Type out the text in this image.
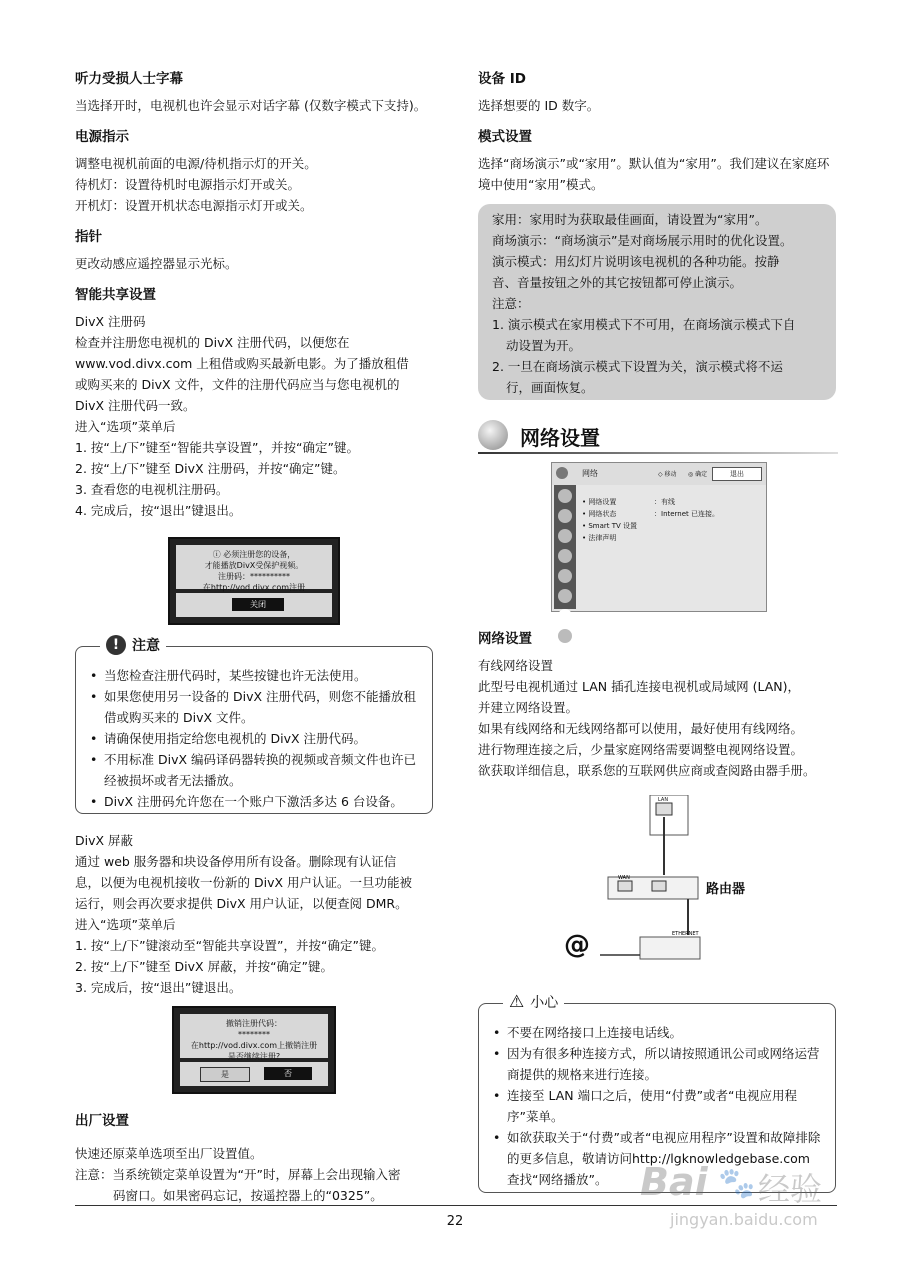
听力受损人士字幕

当选择开时，电视机也许会显示对话字幕 (仅数字模式下支持)。

电源指示

调整电视机前面的电源/待机指示灯的开关。

待机灯：设置待机时电源指示灯开或关。

开机灯：设置开机状态电源指示灯开或关。

指针

更改动感应遥控器显示光标。

智能共享设置

DivX 注册码

检查并注册您电视机的 DivX 注册代码，以便您在

www.vod.divx.com 上租借或购买最新电影。为了播放租借

或购买来的 DivX 文件，文件的注册代码应当与您电视机的

DivX 注册代码一致。

进入“选项”菜单后

1. 按“上/下”键至“智能共享设置”，并按“确定”键。

2. 按“上/下”键至 DivX 注册码，并按“确定”键。

3. 查看您的电视机注册码。

4. 完成后，按“退出”键退出。

ⓘ 必须注册您的设备，
才能播放DivX受保护视频。
注册码：**********
在http://vod.divx.com注册
关闭
! 注意
• 当您检查注册代码时，某些按键也许无法使用。
• 如果您使用另一设备的 DivX 注册代码，则您不能播放租借或购买来的 DivX 文件。
• 请确保使用指定给您电视机的 DivX 注册代码。
• 不用标准 DivX 编码译码器转换的视频或音频文件也许已经被损坏或者无法播放。
• DivX 注册码允许您在一个账户下激活多达 6 台设备。

DivX 屏蔽

通过 web 服务器和块设备停用所有设备。删除现有认证信

息，以便为电视机接收一份新的 DivX 用户认证。一旦功能被

运行，则会再次要求提供 DivX 用户认证，以便查阅 DMR。

进入“选项”菜单后

1. 按“上/下”键滚动至“智能共享设置”，并按“确定”键。

2. 按“上/下”键至 DivX 屏蔽，并按“确定”键。

3. 完成后，按“退出”键退出。

撤销注册代码：
********
在http://vod.divx.com上撤销注册
是否继续注册?
是	否
出厂设置

快速还原菜单选项至出厂设置值。

注意：当系统锁定菜单设置为“开”时，屏幕上会出现输入密

码窗口。如果密码忘记，按遥控器上的“0325”。

设备 ID

选择想要的 ID 数字。

模式设置

选择“商场演示”或“家用”。默认值为“家用”。我们建议在家庭环

境中使用“家用”模式。

家用：家用时为获取最佳画面，请设置为“家用”。

商场演示：“商场演示”是对商场展示用时的优化设置。

演示模式：用幻灯片说明该电视机的各种功能。按静

音、音量按钮之外的其它按钮都可停止演示。

注意：

1. 演示模式在家用模式下不可用，在商场演示模式下自

动设置为开。

2. 一旦在商场演示模式下设置为关，演示模式将不运

行，画面恢复。

网络设置
网络	◇ 移动 ◎ 确定	退出
• 网络设置	：有线
• 网络状态	：Internet 已连接。
• Smart TV 设置
• 法律声明
网络设置

有线网络设置

此型号电视机通过 LAN 插孔连接电视机或局域网 (LAN)，

并建立网络设置。

如果有线网络和无线网络都可以使用，最好使用有线网络。

进行物理连接之后，少量家庭网络需要调整电视网络设置。

欲获取详细信息，联系您的互联网供应商或查阅路由器手册。

LAN
WAN
路由器
ETHERNET
@
⚠ 小心
• 不要在网络接口上连接电话线。
• 因为有很多种连接方式，所以请按照通讯公司或网络运营商提供的规格来进行连接。
• 连接至 LAN 端口之后，使用“付费”或者“电视应用程序”菜单。
• 如欲获取关于“付费”或者“电视应用程序”设置和故障排除的更多信息，敬请访问http://lgknowledgebase.com 查找“网络播放”。
22
Bai 🐾 经验
jingyan.baidu.com
